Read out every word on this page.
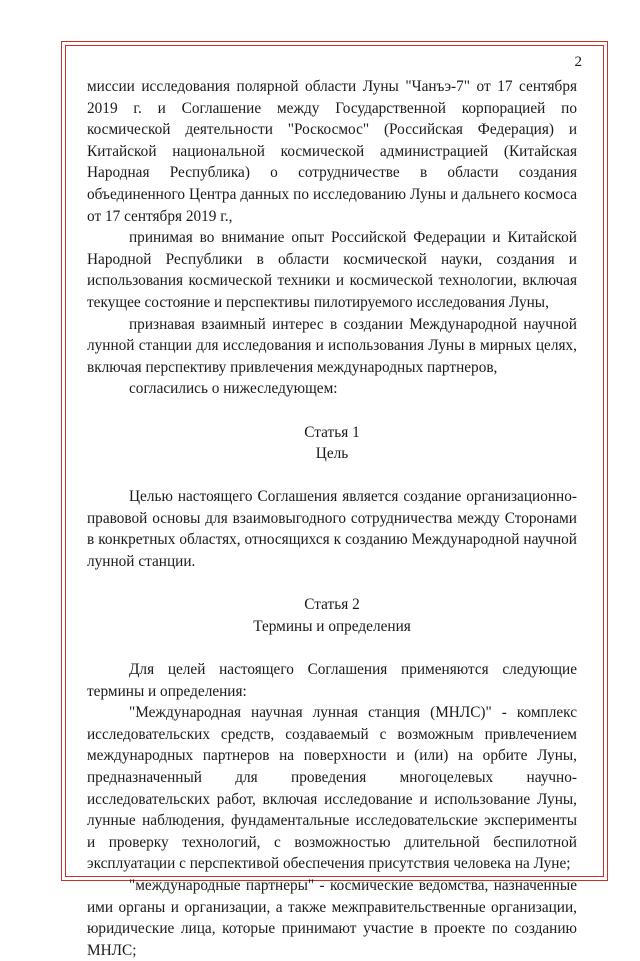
2

миссии исследования полярной области Луны "Чанъэ-7" от 17 сентября 2019 г. и Соглашение между Государственной корпорацией по космической деятельности "Роскосмос" (Российская Федерация) и Китайской национальной космической администрацией (Китайская Народная Республика) о сотрудничестве в области создания объединенного Центра данных по исследованию Луны и дальнего космоса от 17 сентября 2019 г.,

принимая во внимание опыт Российской Федерации и Китайской Народной Республики в области космической науки, создания и использования космической техники и космической технологии, включая текущее состояние и перспективы пилотируемого исследования Луны,

признавая взаимный интерес в создании Международной научной лунной станции для исследования и использования Луны в мирных целях, включая перспективу привлечения международных партнеров,

согласились о нижеследующем:

Статья 1

Цель

Целью настоящего Соглашения является создание организационно-правовой основы для взаимовыгодного сотрудничества между Сторонами в конкретных областях, относящихся к созданию Международной научной лунной станции.

Статья 2

Термины и определения

Для целей настоящего Соглашения применяются следующие термины и определения:

"Международная научная лунная станция (МНЛС)" - комплекс исследовательских средств, создаваемый с возможным привлечением международных партнеров на поверхности и (или) на орбите Луны, предназначенный для проведения многоцелевых научно-исследовательских работ, включая исследование и использование Луны, лунные наблюдения, фундаментальные исследовательские эксперименты и проверку технологий, с возможностью длительной беспилотной эксплуатации с перспективой обеспечения присутствия человека на Луне;

"международные партнеры" - космические ведомства, назначенные ими органы и организации, а также межправительственные организации, юридические лица, которые принимают участие в проекте по созданию МНЛС;
